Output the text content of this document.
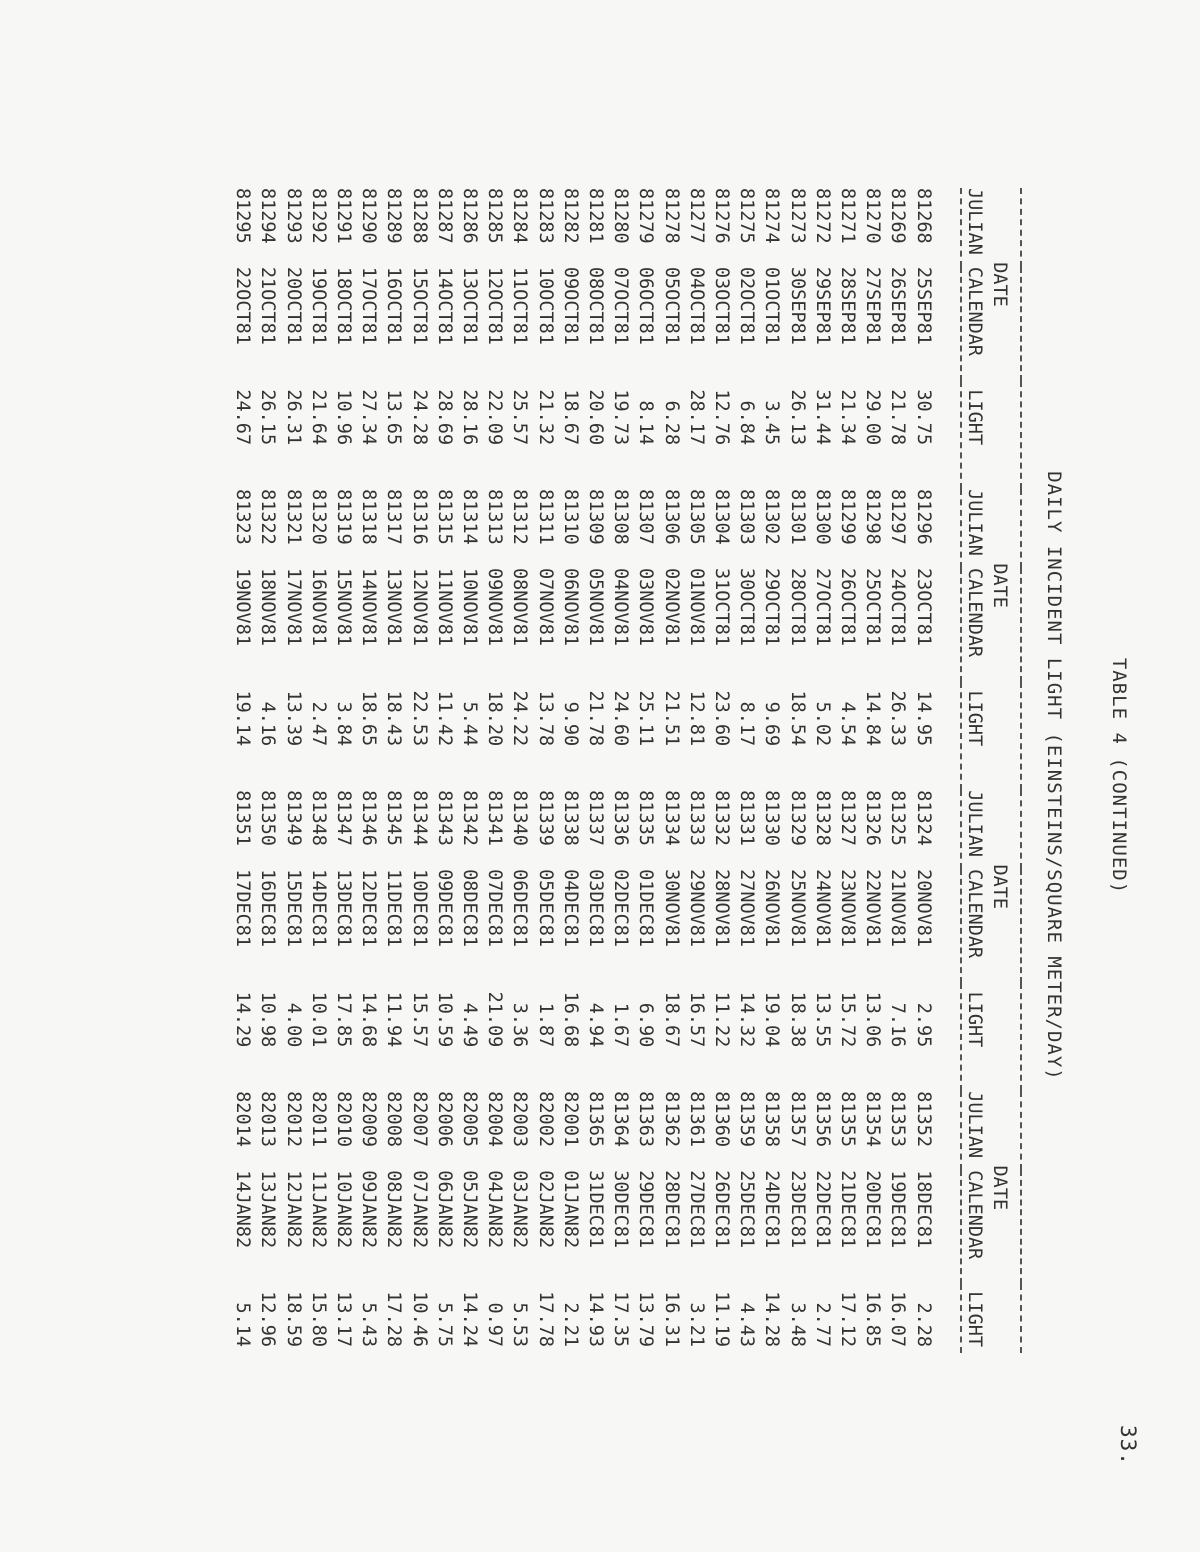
33.
TABLE 4 (CONTINUED)
DAILY INCIDENT LIGHT (EINSTEINS/SQUARE METER/DAY)

DATE			DATE			DATE			DATE		
JULIAN	CALENDAR	LIGHT	JULIAN	CALENDAR	LIGHT	JULIAN	CALENDAR	LIGHT	JULIAN	CALENDAR	LIGHT

81268	25SEP81	30.75	81296	23OCT81	14.95	81324	20NOV81	2.95	81352	18DEC81	2.28
81269	26SEP81	21.78	81297	24OCT81	26.33	81325	21NOV81	7.16	81353	19DEC81	16.07
81270	27SEP81	29.00	81298	25OCT81	14.84	81326	22NOV81	13.06	81354	20DEC81	16.85
81271	28SEP81	21.34	81299	26OCT81	4.54	81327	23NOV81	15.72	81355	21DEC81	17.12
81272	29SEP81	31.44	81300	27OCT81	5.02	81328	24NOV81	13.55	81356	22DEC81	2.77
81273	30SEP81	26.13	81301	28OCT81	18.54	81329	25NOV81	18.38	81357	23DEC81	3.48
81274	01OCT81	3.45	81302	29OCT81	9.69	81330	26NOV81	19.04	81358	24DEC81	14.28
81275	02OCT81	6.84	81303	30OCT81	8.17	81331	27NOV81	14.32	81359	25DEC81	4.43
81276	03OCT81	12.76	81304	31OCT81	23.60	81332	28NOV81	11.22	81360	26DEC81	11.19
81277	04OCT81	28.17	81305	01NOV81	12.81	81333	29NOV81	16.57	81361	27DEC81	3.21
81278	05OCT81	6.28	81306	02NOV81	21.51	81334	30NOV81	18.67	81362	28DEC81	16.31
81279	06OCT81	8.14	81307	03NOV81	25.11	81335	01DEC81	6.90	81363	29DEC81	13.79
81280	07OCT81	19.73	81308	04NOV81	24.60	81336	02DEC81	1.67	81364	30DEC81	17.35
81281	08OCT81	20.60	81309	05NOV81	21.78	81337	03DEC81	4.94	81365	31DEC81	14.93
81282	09OCT81	18.67	81310	06NOV81	9.90	81338	04DEC81	16.68	82001	01JAN82	2.21
81283	10OCT81	21.32	81311	07NOV81	13.78	81339	05DEC81	1.87	82002	02JAN82	17.78
81284	11OCT81	25.57	81312	08NOV81	24.22	81340	06DEC81	3.36	82003	03JAN82	5.53
81285	12OCT81	22.09	81313	09NOV81	18.20	81341	07DEC81	21.09	82004	04JAN82	0.97
81286	13OCT81	28.16	81314	10NOV81	5.44	81342	08DEC81	4.49	82005	05JAN82	14.24
81287	14OCT81	28.69	81315	11NOV81	11.42	81343	09DEC81	10.59	82006	06JAN82	5.75
81288	15OCT81	24.28	81316	12NOV81	22.53	81344	10DEC81	15.57	82007	07JAN82	10.46
81289	16OCT81	13.65	81317	13NOV81	18.43	81345	11DEC81	11.94	82008	08JAN82	17.28
81290	17OCT81	27.34	81318	14NOV81	18.65	81346	12DEC81	14.68	82009	09JAN82	5.43
81291	18OCT81	10.96	81319	15NOV81	3.84	81347	13DEC81	17.85	82010	10JAN82	13.17
81292	19OCT81	21.64	81320	16NOV81	2.47	81348	14DEC81	10.01	82011	11JAN82	15.80
81293	20OCT81	26.31	81321	17NOV81	13.39	81349	15DEC81	4.00	82012	12JAN82	18.59
81294	21OCT81	26.15	81322	18NOV81	4.16	81350	16DEC81	10.98	82013	13JAN82	12.96
81295	22OCT81	24.67	81323	19NOV81	19.14	81351	17DEC81	14.29	82014	14JAN82	5.14
